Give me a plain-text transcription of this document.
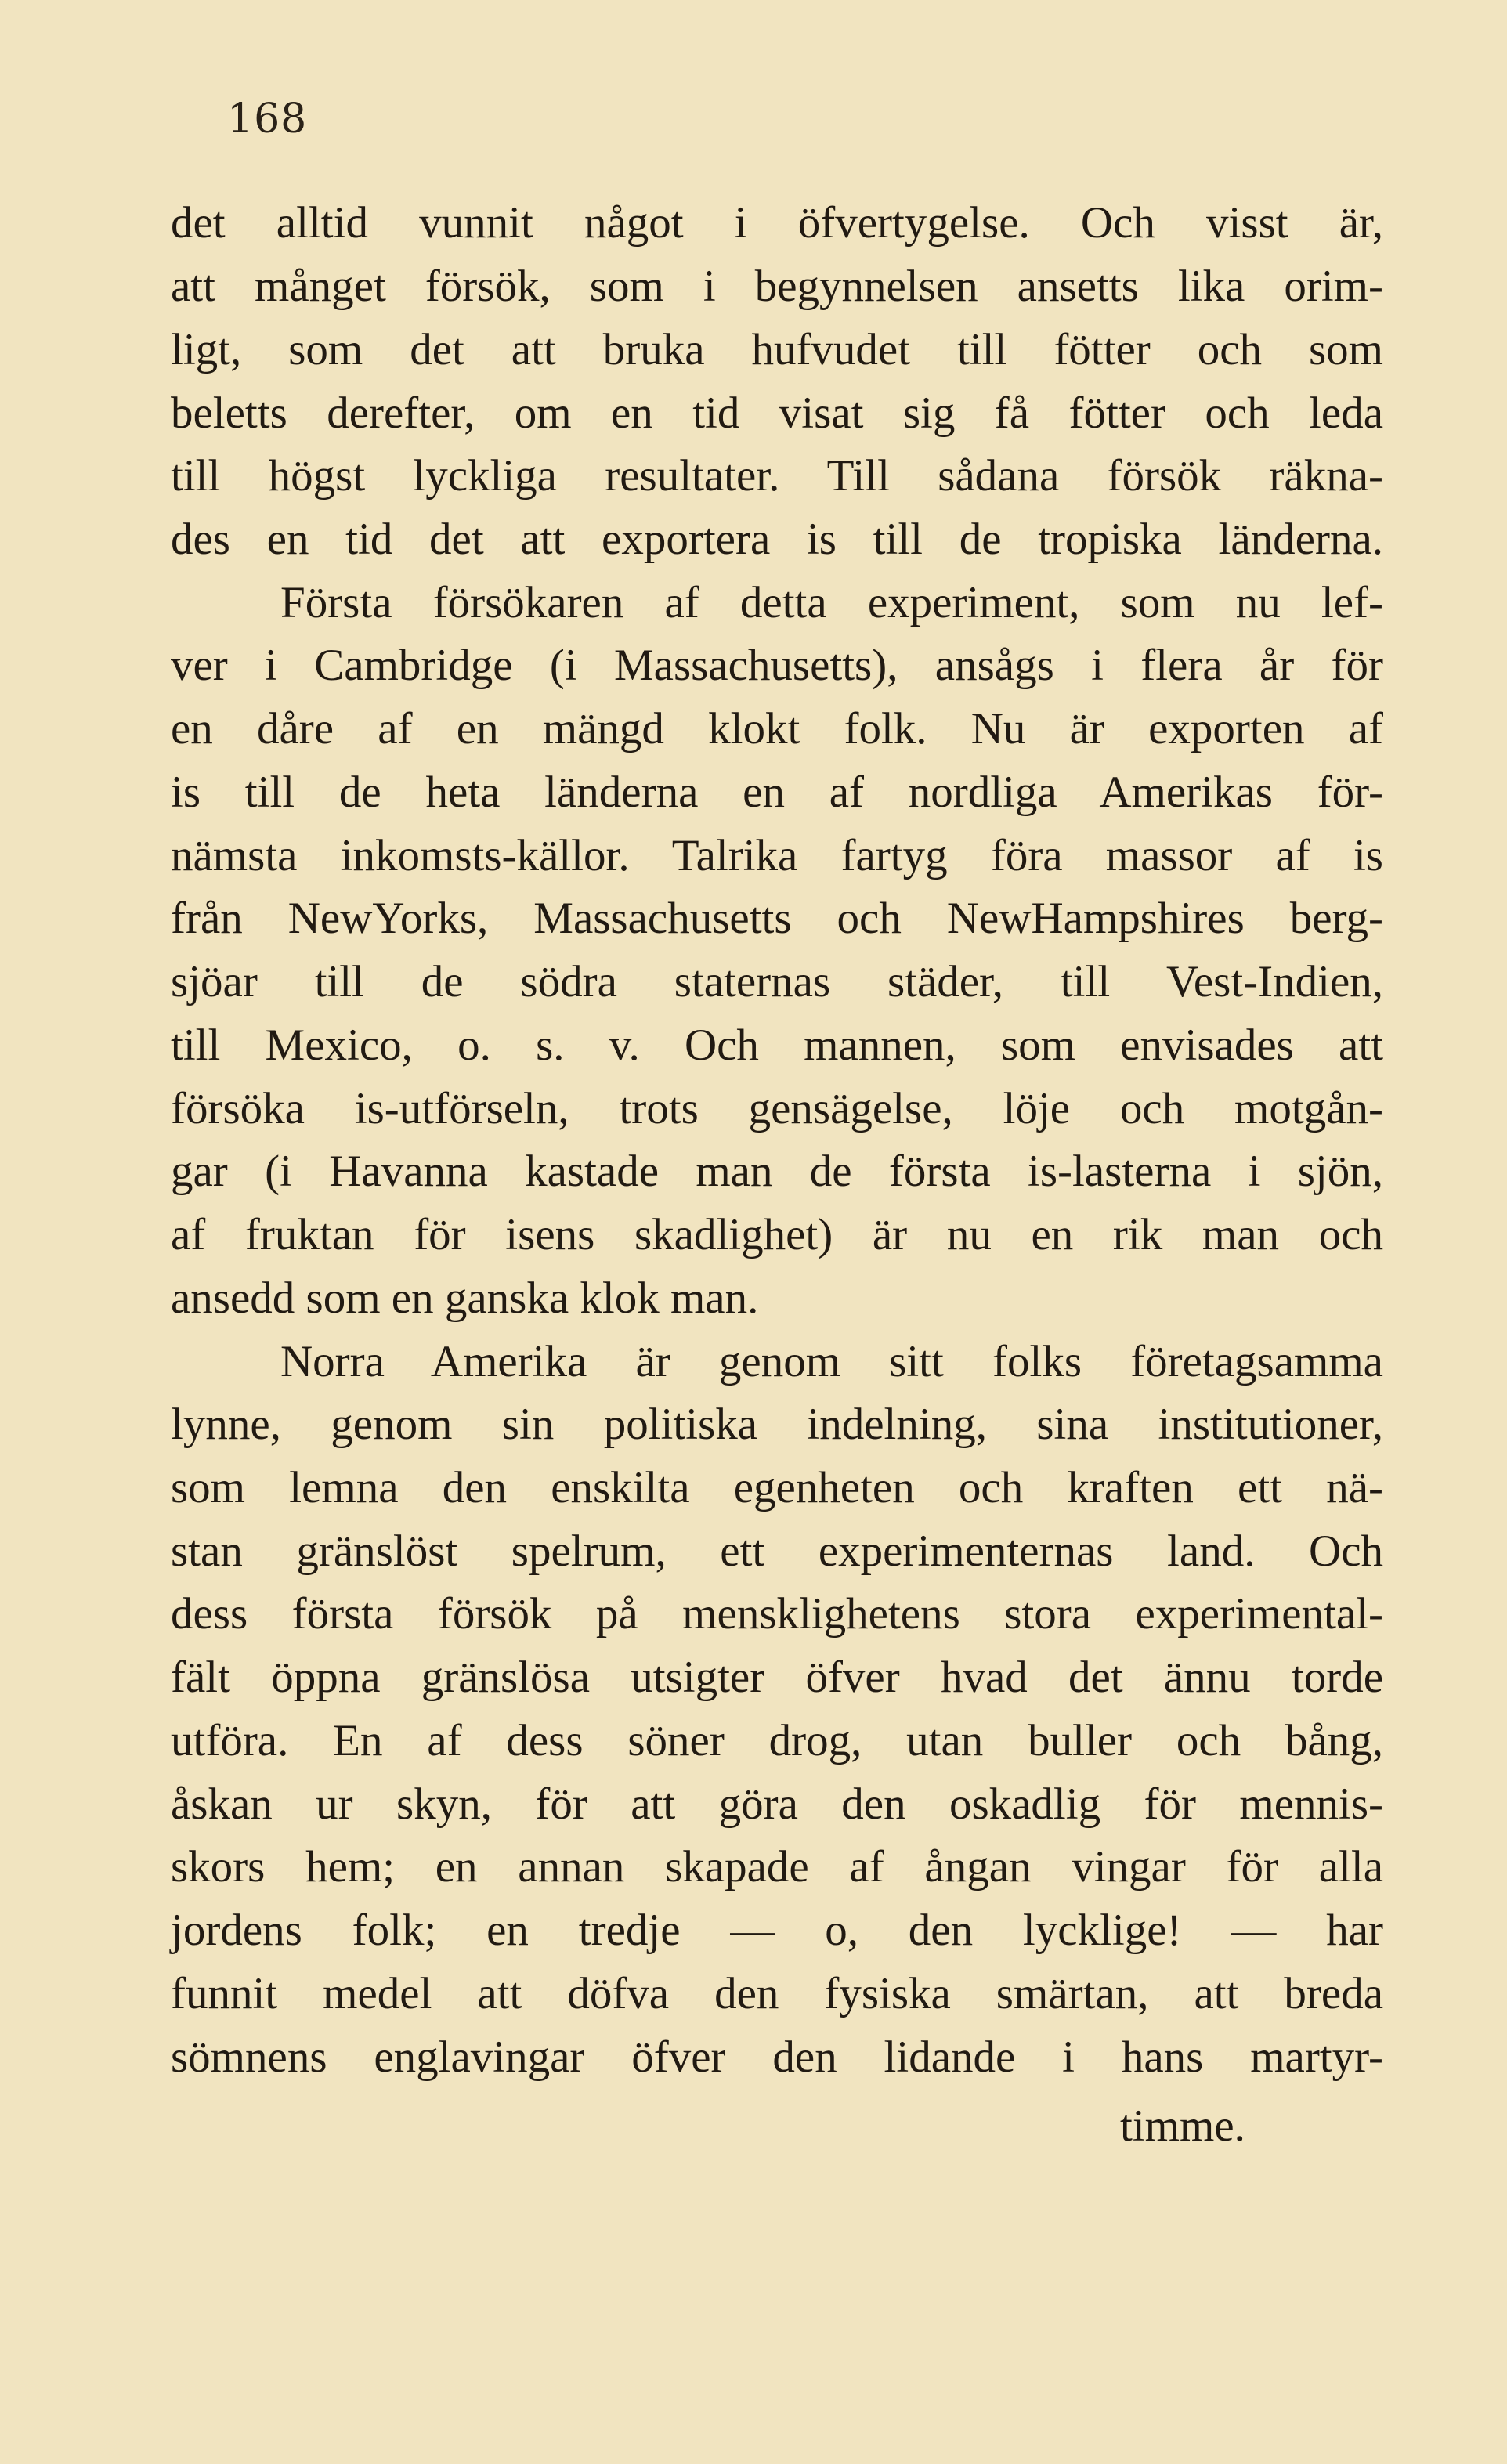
168
det alltid vunnit något i öfvertygelse. Och visst är,
att månget försök, som i begynnelsen ansetts lika orim-
ligt, som det att bruka hufvudet till fötter och som
beletts derefter, om en tid visat sig få fötter och leda
till högst lyckliga resultater. Till sådana försök räkna-
des en tid det att exportera is till de tropiska länderna.
Första försökaren af detta experiment, som nu lef-
ver i Cambridge (i Massachusetts), ansågs i flera år för
en dåre af en mängd klokt folk. Nu är exporten af
is till de heta länderna en af nordliga Amerikas för-
nämsta inkomsts-källor. Talrika fartyg föra massor af is
från NewYorks, Massachusetts och NewHampshires berg-
sjöar till de södra staternas städer, till Vest-Indien,
till Mexico, o. s. v. Och mannen, som envisades att
försöka is-utförseln, trots gensägelse, löje och motgån-
gar (i Havanna kastade man de första is-lasterna i sjön,
af fruktan för isens skadlighet) är nu en rik man och
ansedd som en ganska klok man.
Norra Amerika är genom sitt folks företagsamma
lynne, genom sin politiska indelning, sina institutioner,
som lemna den enskilta egenheten och kraften ett nä-
stan gränslöst spelrum, ett experimenternas land. Och
dess första försök på mensklighetens stora experimental-
fält öppna gränslösa utsigter öfver hvad det ännu torde
utföra. En af dess söner drog, utan buller och bång,
åskan ur skyn, för att göra den oskadlig för mennis-
skors hem; en annan skapade af ångan vingar för alla
jordens folk; en tredje — o, den lycklige! — har
funnit medel att döfva den fysiska smärtan, att breda
sömnens englavingar öfver den lidande i hans martyr-
timme.
